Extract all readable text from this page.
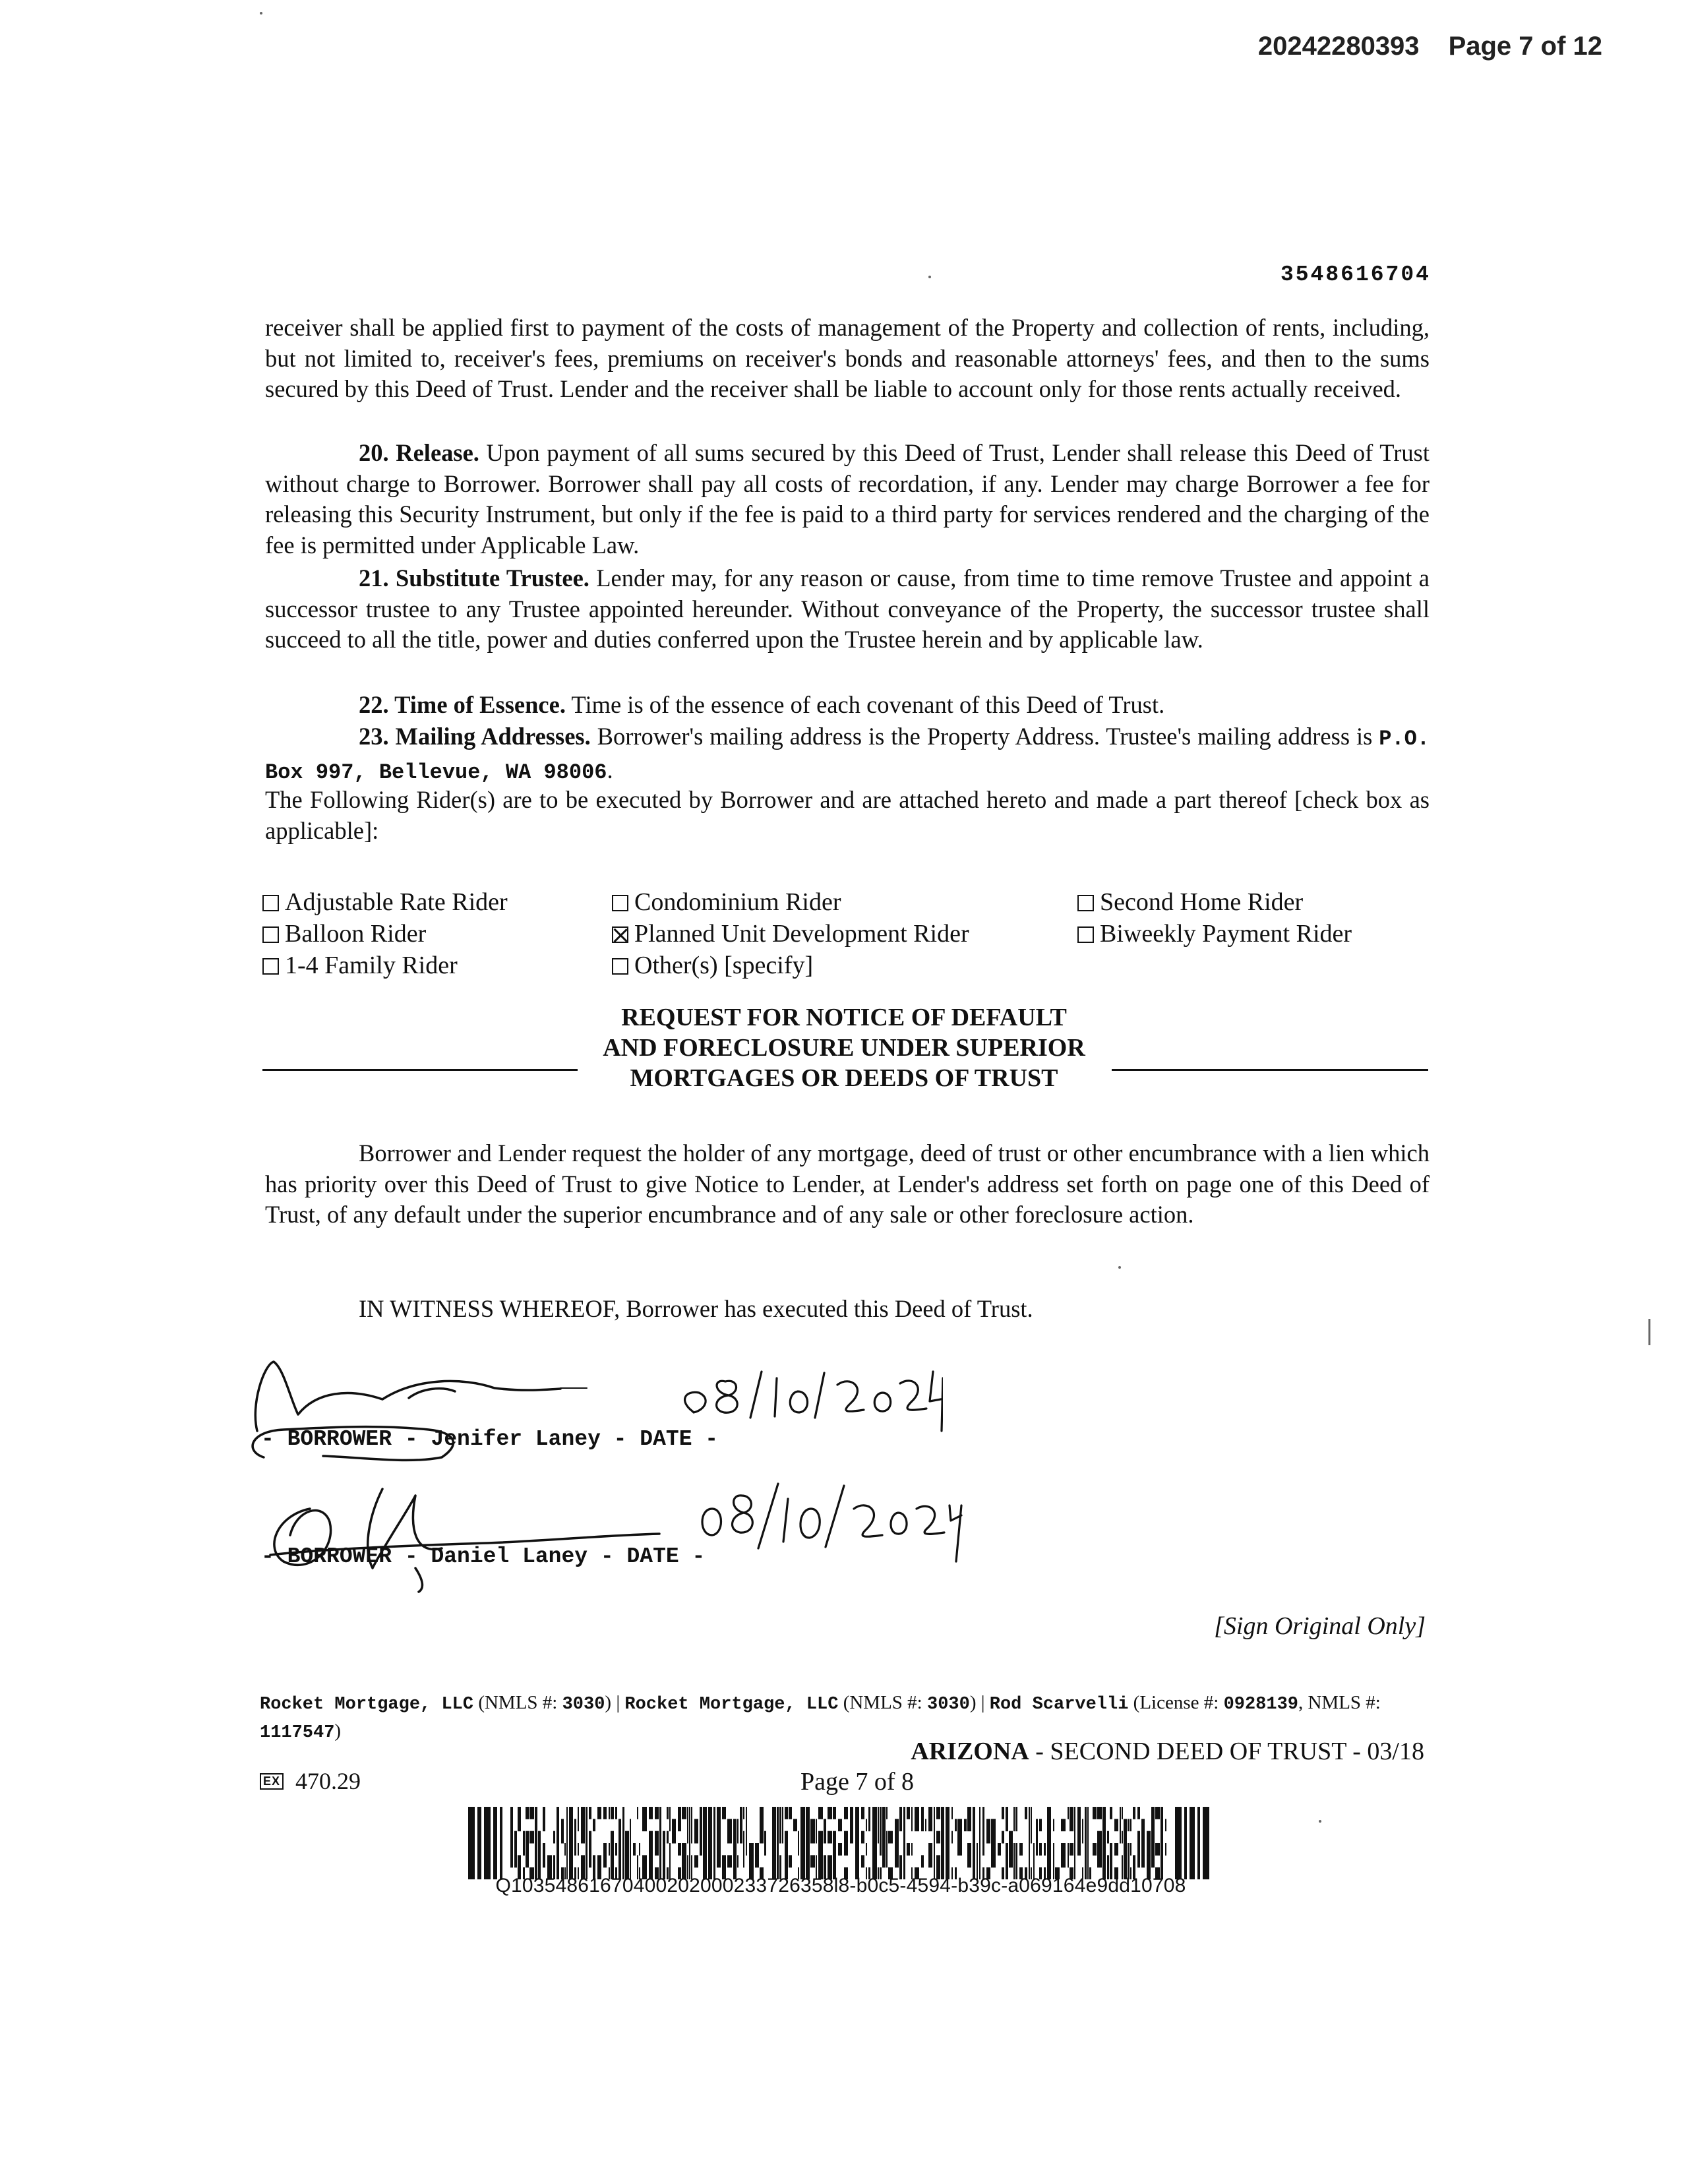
20242280393 Page 7 of 12
3548616704
receiver shall be applied first to payment of the costs of management of the Property and collection of rents, including, but not limited to, receiver's fees, premiums on receiver's bonds and reasonable attorneys' fees, and then to the sums secured by this Deed of Trust. Lender and the receiver shall be liable to account only for those rents actually received.
20. Release. Upon payment of all sums secured by this Deed of Trust, Lender shall release this Deed of Trust without charge to Borrower. Borrower shall pay all costs of recordation, if any. Lender may charge Borrower a fee for releasing this Security Instrument, but only if the fee is paid to a third party for services rendered and the charging of the fee is permitted under Applicable Law.
21. Substitute Trustee. Lender may, for any reason or cause, from time to time remove Trustee and appoint a successor trustee to any Trustee appointed hereunder. Without conveyance of the Property, the successor trustee shall succeed to all the title, power and duties conferred upon the Trustee herein and by applicable law.
22. Time of Essence. Time is of the essence of each covenant of this Deed of Trust.
23. Mailing Addresses. Borrower's mailing address is the Property Address. Trustee's mailing address is P.O. Box 997, Bellevue, WA 98006.
The Following Rider(s) are to be executed by Borrower and are attached hereto and made a part thereof [check box as applicable]:
Adjustable Rate Rider
Balloon Rider
1-4 Family Rider
Condominium Rider
Planned Unit Development Rider
Other(s) [specify]
Second Home Rider
Biweekly Payment Rider
REQUEST FOR NOTICE OF DEFAULT
AND FORECLOSURE UNDER SUPERIOR
MORTGAGES OR DEEDS OF TRUST
Borrower and Lender request the holder of any mortgage, deed of trust or other encumbrance with a lien which has priority over this Deed of Trust to give Notice to Lender, at Lender's address set forth on page one of this Deed of Trust, of any default under the superior encumbrance and of any sale or other foreclosure action.
IN WITNESS WHEREOF, Borrower has executed this Deed of Trust.
- BORROWER - Jenifer Laney - DATE -
- BORROWER - Daniel Laney - DATE -
[Sign Original Only]
Rocket Mortgage, LLC (NMLS #: 3030) | Rocket Mortgage, LLC (NMLS #: 3030) | Rod Scarvelli (License #: 0928139, NMLS #: 1117547)
ARIZONA - SECOND DEED OF TRUST - 03/18
EX 470.29	Page 7 of 8
Q10354861670400202000233726358l8-b0c5-4594-b39c-a069164e9dd10708
